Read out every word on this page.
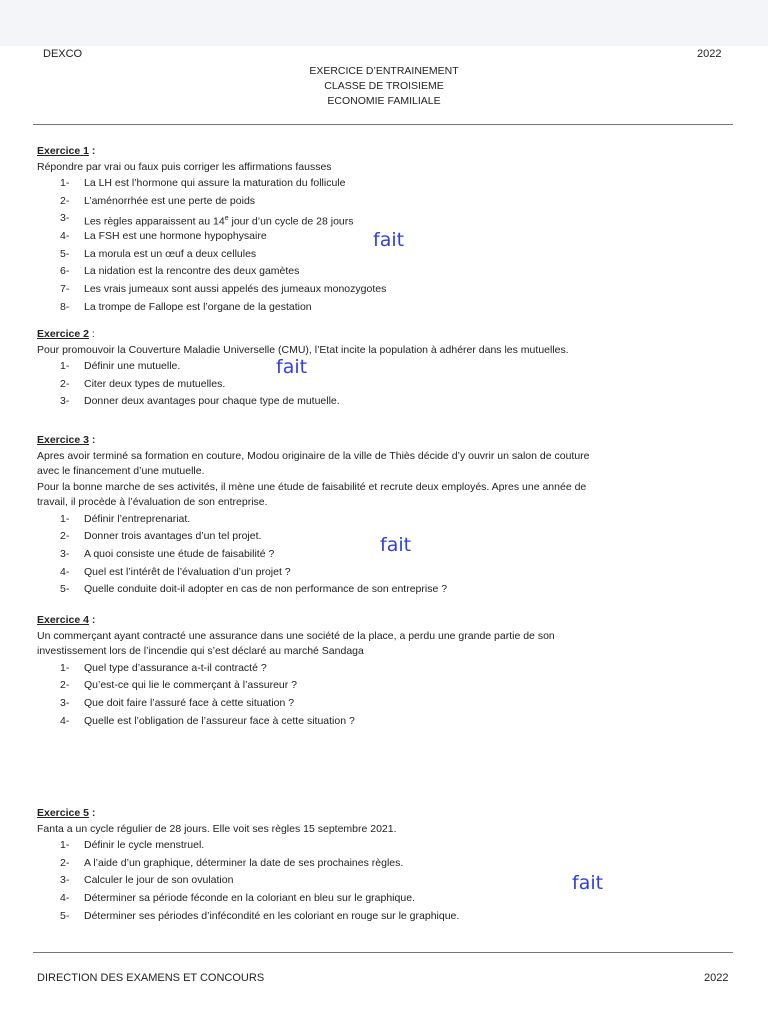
DEXCO	2022
EXERCICE D’ENTRAINEMENT
CLASSE DE TROISIEME
ECONOMIE FAMILIALE
Exercice 1 :
Répondre par vrai ou faux puis corriger les affirmations fausses
1-	La LH est l’hormone qui assure la maturation du follicule
2-	L’aménorrhée est une perte de poids
3-	Les règles apparaissent au 14e jour d’un cycle de 28 jours
4-	La FSH est une hormone hypophysaire
5-	La morula est un œuf a deux cellules
6-	La nidation est la rencontre des deux gamètes
7-	Les vrais jumeaux sont aussi appelés des jumeaux monozygotes
8-	La trompe de Fallope est l’organe de la gestation
Exercice 2 :
Pour promouvoir la Couverture Maladie Universelle (CMU), l’Etat incite la population à adhérer dans les mutuelles.
1-	Définir une mutuelle.
2-	Citer deux types de mutuelles.
3-	Donner deux avantages pour chaque type de mutuelle.
Exercice 3 :
Apres avoir terminé sa formation en couture, Modou originaire de la ville de Thiès décide d’y ouvrir un salon de couture
avec le financement d’une mutuelle.
Pour la bonne marche de ses activités, il mène une étude de faisabilité et recrute deux employés. Apres une année de
travail, il procède à l’évaluation de son entreprise.
1-	Définir l’entreprenariat.
2-	Donner trois avantages d’un tel projet.
3-	A quoi consiste une étude de faisabilité ?
4-	Quel est l’intérêt de l’évaluation d’un projet ?
5-	Quelle conduite doit-il adopter en cas de non performance de son entreprise ?
Exercice 4 :
Un commerçant ayant contracté une assurance dans une société de la place, a perdu une grande partie de son
investissement lors de l’incendie qui s’est déclaré au marché Sandaga
1-	Quel type d’assurance a-t-il contracté ?
2-	Qu’est-ce qui lie le commerçant à l’assureur ?
3-	Que doit faire l’assuré face à cette situation ?
4-	Quelle est l’obligation de l’assureur face à cette situation ?
Exercice 5 :
Fanta a un cycle régulier de 28 jours. Elle voit ses règles 15 septembre 2021.
1-	Définir le cycle menstruel.
2-	A l’aide d’un graphique, déterminer la date de ses prochaines règles.
3-	Calculer le jour de son ovulation
4-	Déterminer sa période féconde en la coloriant en bleu sur le graphique.
5-	Déterminer ses périodes d’infécondité en les coloriant en rouge sur le graphique.
fait
fait
fait
fait
DIRECTION DES EXAMENS ET CONCOURS	2022
